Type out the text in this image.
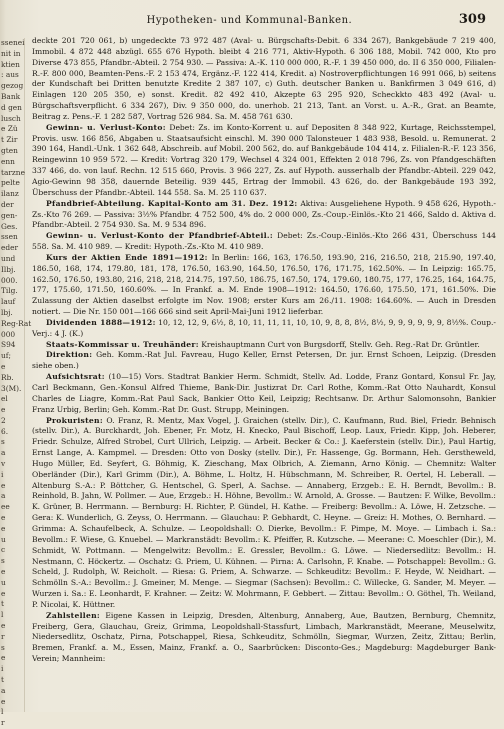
ssenei
nit in
ktien
: aus
gezog
Bank
d gen
lusch
e Zü
t Zir
gten
enn
tarzne
pelte
ilanz
der
gen-
Ges.
ssen
eder
und
Ilbj.
000.
Tilg.
lauf
lbj.
Reg-Rat
000
S94
uf;
e
Rb.
3(M).
el
e
2
6.
s
a
v
i
e
a
ee
e
e
u
c
s
e
u
e
t
l
e
r
s
e
i
t
a
e
l
r
Hypotheken- und Kommunal-Banken.	309

deckte 201 720 061, b) ungedeckte 73 972 487 (Aval- u. Bürgschafts-Debit. 6 334 267), Bankgebäude 7 219 400, Immobil. 4 872 448 abzügl. 655 676 Hypoth. bleibt 4 216 771, Aktiv-Hypoth. 6 306 188, Mobil. 742 000, Kto pro Diverse 473 855, Pfandbr.-Abteil. 2 754 930. — Passiva: A.-K. 110 000 000, R.-F. 1 39 450 000, do. II 6 350 000, Filialen-R.-F. 800 000, Beamten-Pens.-F. 2 153 474, Ergänz.-F. 122 414, Kredit. a) Nostroverpflichtungen 16 991 066, b) seitens der Kundschaft bei Dritten benutzte Kredite 2 387 107, c) Guth. deutscher Banken u. Bankfirmen 3 049 616, d) Einlagen 120 205 350, e) sonst. Kredit. 82 492 410, Akzepte 63 295 920, Scheckkto 483 492 (Aval- u. Bürgschaftsverpflicht. 6 334 267), Div. 9 350 000, do. unerhob. 21 213, Tant. an Vorst. u. A.-R., Grat. an Beamte, Beitrag z. Pens.-F. 1 282 587, Vortrag 526 984. Sa. M. 458 761 630.

Gewinn- u. Verlust-Konto: Debet: Zs. im Konto-Korrent u. auf Depositen 8 348 922, Kurtage, Reichsstempel, Provis. usw. 166 856, Abgaben u. Staatsaufsicht einschl. M. 390 000 Talonsteuer 1 483 938, Besold. u. Remunerat. 2 390 164, Handl.-Unk. 1 362 648, Abschreib. auf Mobil. 200 562, do. auf Bankgebäude 104 414, z. Filialen-R.-F. 123 356, Reingewinn 10 959 572. — Kredit: Vortrag 320 179, Wechsel 4 324 001, Effekten 2 018 796, Zs. von Pfandgeschäften 337 466, do. von lauf. Rechn. 12 515 660, Provis. 3 966 227, Zs. auf Hypoth. ausserhalb der Pfandbr.-Abteil. 229 042, Agio-Gewinn 98 358, dauernde Beteilig. 939 445, Ertrag der Immobil. 43 626, do. der Bankgebäude 193 392, Überschuss der Pfandbr.-Abteil. 144 558. Sa. M. 25 110 637.

Pfandbrief-Abteilung. Kapital-Konto am 31. Dez. 1912: Aktiva: Ausgeliehene Hypoth. 9 458 626, Hypoth.-Zs.-Kto 76 269. — Passiva: 3½% Pfandbr. 4 752 500, 4% do. 2 000 000, Zs.-Coup.-Einlös.-Kto 21 466, Saldo d. Aktiva d. Pfandbr.-Abteil. 2 754 930. Sa. M. 9 534 896.

Gewinn- u. Verlust-Konto der Pfandbrief-Abteil.: Debet: Zs.-Coup.-Einlös.-Kto 266 431, Überschuss 144 558. Sa. M. 410 989. — Kredit: Hypoth.-Zs.-Kto M. 410 989.

Kurs der Aktien Ende 1891—1912: In Berlin: 166, 163, 176.50, 193.90, 216, 216.50, 218, 215.90, 197.40, 186.50, 168, 174, 179.80, 181, 178, 176.50, 163.90, 164.50, 176.50, 176, 171.75, 162.50%. — In Leipzig: 165.75, 162.50, 176.50, 193.80, 216, 218, 218, 214.75, 197.50, 186.75, 167.50, 174, 179.60, 180.75, 177, 176.25, 164, 164.75, 177, 175.60, 171.50, 160.60%. — In Frankf. a. M. Ende 1908—1912: 164.50, 176.60, 175.50, 171, 161.50%. Die Zulassung der Aktien daselbst erfolgte im Nov. 1908; erster Kurs am 26./11. 1908: 164.60%. — Auch in Dresden notiert. — Die Nr. 150 001—166 666 sind seit April-Mai-Juni 1912 lieferbar.

Dividenden 1888—1912: 10, 12, 12, 9, 6½, 8, 10, 11, 11, 11, 10, 10, 9, 8, 8, 8½, 8½, 9, 9, 9, 9, 9, 9, 8½%. Coup.-Verj.: 4 J. (K.)

Staats-Kommissar u. Treuhänder: Kreishauptmann Curt von Burgsdorff, Stellv. Geh. Reg.-Rat Dr. Grüntler.

Direktion: Geh. Komm.-Rat Jul. Favreau, Hugo Keller, Ernst Petersen, Dr. jur. Ernst Schoen, Leipzig. (Dresden siehe oben.)

Aufsichtsrat: (10—15) Vors. Stadtrat Bankier Herm. Schmidt, Stellv. Ad. Lodde, Franz Gontard, Konsul Fr. Jay, Carl Beckmann, Gen.-Konsul Alfred Thieme, Bank-Dir. Justizrat Dr. Carl Rothe, Komm.-Rat Otto Nauhardt, Konsul Charles de Liagre, Komm.-Rat Paul Sack, Bankier Otto Keil, Leipzig; Rechtsanw. Dr. Arthur Salomonsohn, Bankier Franz Urbig, Berlin; Geh. Komm.-Rat Dr. Gust. Strupp, Meiningen.

Prokuristen: O. Franz, R. Mentz, Max Vogel, J. Graichen (stellv. Dir.), C. Kaufmann, Rud. Biel, Friedr. Behnisch (stellv. Dir.), A. Burckhardt, Joh. Ebener, Fr. Motz, H. Knecko, Paul Bischoff, Leop. Laux, Friedr. Kipp, Joh. Heberer, Friedr. Schulze, Alfred Strobel, Curt Ullrich, Leipzig. — Arbeit. Becker & Co.: J. Kaeferstein (stellv. Dir.), Paul Hartig, Ernst Lange, A. Kampmel. — Dresden: Otto von Dosky (stellv. Dir.), Fr. Hassenge, Gg. Bormann, Heh. Gerstheweld, Hugo Müller, Ed. Seyfert, G. Böhmig, K. Zieschang, Max Olbrich, A. Ziemann, Arno König. — Chemnitz: Walter Oberländer (Dir.), Karl Grimm (Dir.), A. Böhme, L. Holtz, H. Hübschmann, M. Schreiber, R. Oertel, H. Leberall. — Altenburg S.-A.: P. Böttcher, G. Hentschel, G. Sperl, A. Sachse. — Annaberg, Erzgeb.: E. H. Berndt, Bevollm.: B. Reinhold, B. Jahn, W. Pollmer. — Aue, Erzgeb.: H. Höhne, Bevollm.: W. Arnold, A. Grosse. — Bautzen: F. Wilke, Bevollm.: K. Grüner, B. Herrmann. — Bernburg: H. Richter, P. Gündel, H. Kathe. — Freiberg: Bevollm.: A. Löwe, H. Zetzsche. — Gera: K. Wunderlich, G. Zeyss, O. Herrmann. — Glauchau: P. Gebhardt, C. Heyne. — Greiz: H. Mothes, O. Bernhard. — Grimma: A. Schaufelbeck, A. Schulze. — Leopoldshall: O. Dierke, Bevollm.: F. Pimpe, M. Moye. — Limbach i. Sa.: Bevollm.: F. Wiese, G. Knuebel. — Markranstädt: Bevollm.: K. Pfeiffer, R. Kutzsche. — Meerane: C. Moeschler (Dir.), M. Schmidt, W. Pottmann. — Mengelwitz: Bevollm.: E. Gressler, Bevollm.: G. Löwe. — Niedersedlitz: Bevollm.: H. Nestmann, C. Höckertz. — Oschatz: G. Priem, U. Kühnen. — Pirna: A. Carlsohn, F. Knabe. — Potschappel: Bevollm.: G. Scheld, J. Rudolph, W. Reicholt. — Riesa: G. Priem, A. Schwarze. — Schkeuditz: Bevollm.: F. Heyde, W. Neidhart. — Schmölln S.-A.: Bevollm.: J. Gmeiner, M. Menge. — Siegmar (Sachsen): Bevollm.: C. Willecke, G. Sander, M. Meyer. — Wurzen i. Sa.: E. Leonhardt, F. Krahner. — Zeitz: W. Mohrmann, F. Gebbert. — Zittau: Bevollm.: O. Göthel, Th. Weiland, P. Nicolai, K. Hüttner.

Zahlstellen: Eigene Kassen in Leipzig, Dresden, Altenburg, Annaberg, Aue, Bautzen, Bernburg, Chemnitz, Freiberg, Gera, Glauchau, Greiz, Grimma, Leopoldshall-Stassfurt, Limbach, Markranstädt, Meerane, Meuselwitz, Niedersedlitz, Oschatz, Pirna, Potschappel, Riesa, Schkeuditz, Schmölln, Siegmar, Wurzen, Zeitz, Zittau; Berlin, Bremen, Frankf. a. M., Essen, Mainz, Frankf. a. O., Saarbrücken: Disconto-Ges.; Magdeburg: Magdeburger Bank-Verein; Mannheim:
